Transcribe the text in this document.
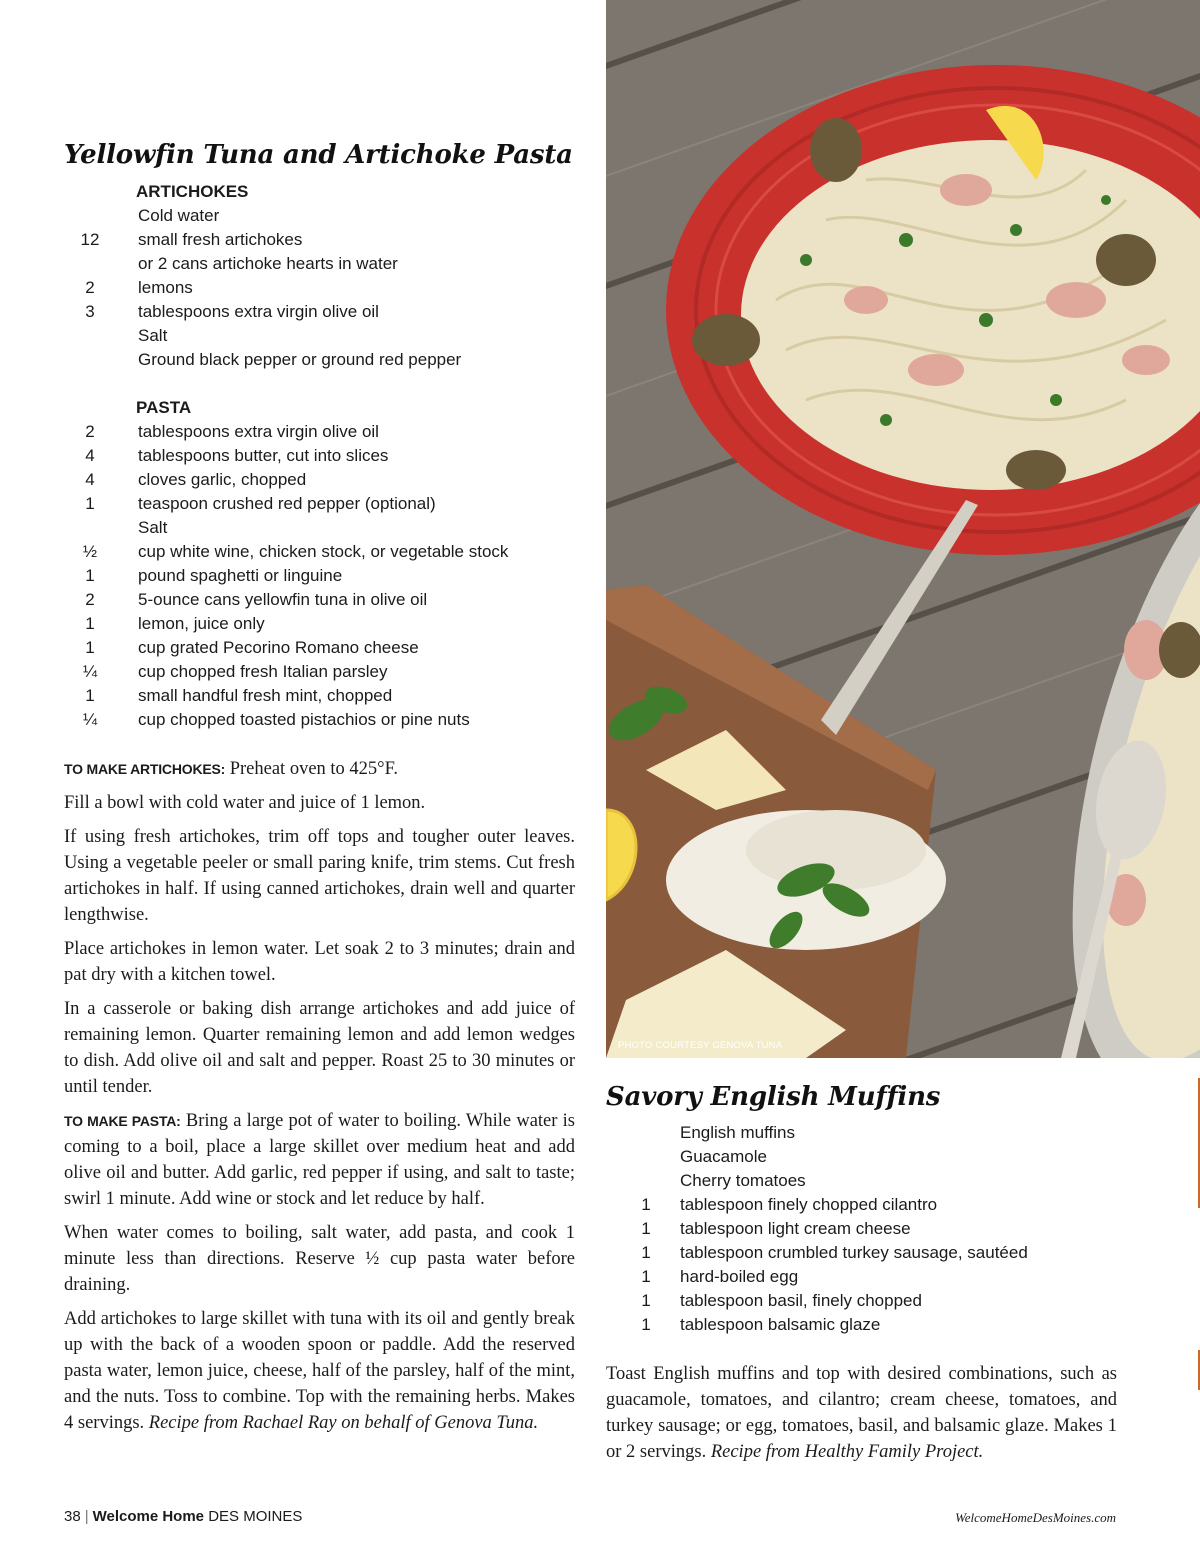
Yellowfin Tuna and Artichoke Pasta
ARTICHOKES
Cold water
12	small fresh artichokes
or 2 cans artichoke hearts in water
2	lemons
3	tablespoons extra virgin olive oil
Salt
Ground black pepper or ground red pepper
PASTA
2	tablespoons extra virgin olive oil
4	tablespoons butter, cut into slices
4	cloves garlic, chopped
1	teaspoon crushed red pepper (optional)
Salt
½	cup white wine, chicken stock, or vegetable stock
1	pound spaghetti or linguine
2	5-ounce cans yellowfin tuna in olive oil
1	lemon, juice only
1	cup grated Pecorino Romano cheese
¼	cup chopped fresh Italian parsley
1	small handful fresh mint, chopped
¼	cup chopped toasted pistachios or pine nuts

TO MAKE ARTICHOKES: Preheat oven to 425°F.

Fill a bowl with cold water and juice of 1 lemon.

If using fresh artichokes, trim off tops and tougher outer leaves. Using a vegetable peeler or small paring knife, trim stems. Cut fresh artichokes in half. If using canned artichokes, drain well and quarter lengthwise.

Place artichokes in lemon water. Let soak 2 to 3 minutes; drain and pat dry with a kitchen towel.

In a casserole or baking dish arrange artichokes and add juice of remaining lemon. Quarter remaining lemon and add lemon wedges to dish. Add olive oil and salt and pepper. Roast 25 to 30 minutes or until tender.

TO MAKE PASTA: Bring a large pot of water to boiling. While water is coming to a boil, place a large skillet over medium heat and add olive oil and butter. Add garlic, red pepper if using, and salt to taste; swirl 1 minute. Add wine or stock and let reduce by half.

When water comes to boiling, salt water, add pasta, and cook 1 minute less than directions. Reserve ½ cup pasta water before draining.

Add artichokes to large skillet with tuna with its oil and gently break up with the back of a wooden spoon or paddle. Add the reserved pasta water, lemon juice, cheese, half of the parsley, half of the mint, and the nuts. Toss to combine. Top with the remaining herbs. Makes 4 servings. Recipe from Rachael Ray on behalf of Genova Tuna.

PHOTO COURTESY GENOVA TUNA
Savory English Muffins
English muffins
Guacamole
Cherry tomatoes
1	tablespoon finely chopped cilantro
1	tablespoon light cream cheese
1	tablespoon crumbled turkey sausage, sautéed
1	hard-boiled egg
1	tablespoon basil, finely chopped
1	tablespoon balsamic glaze

Toast English muffins and top with desired combinations, such as guacamole, tomatoes, and cilantro; cream cheese, tomatoes, and turkey sausage; or egg, tomatoes, basil, and balsamic glaze. Makes 1 or 2 servings. Recipe from Healthy Family Project.

38 | Welcome Home DES MOINES	WelcomeHomeDesMoines.com
